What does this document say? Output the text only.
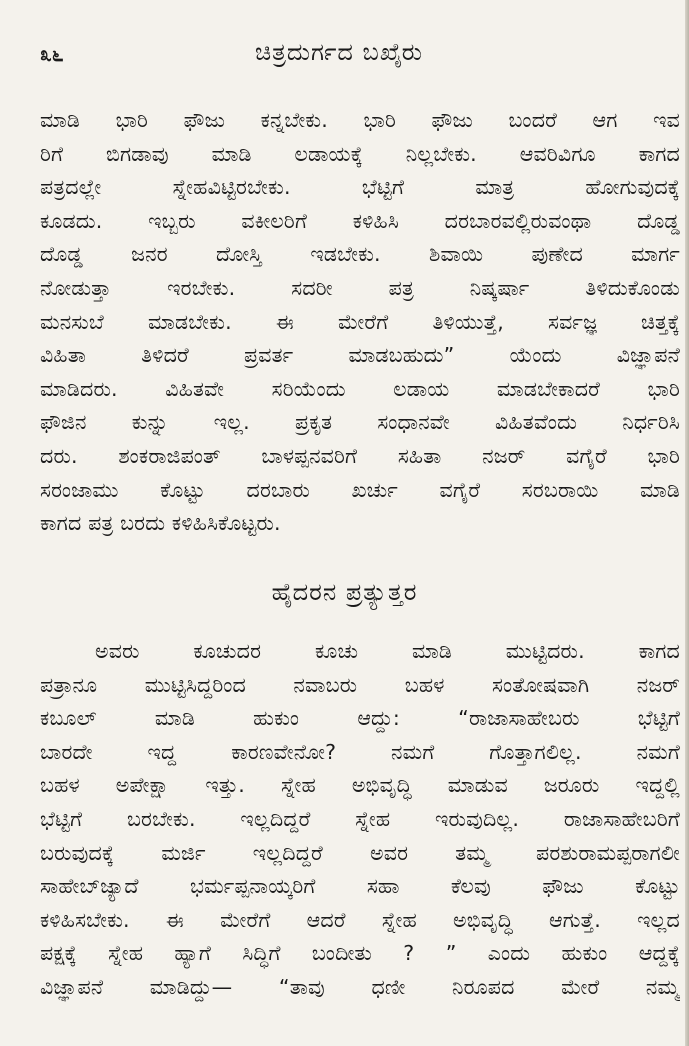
೩೬	ಚಿತ್ರದುರ್ಗದ ಬಖೈರು
ಮಾಡಿ ಭಾರಿ ಫೌಜು ಕನ್ನಬೇಕು. ಭಾರಿ ಫೌಜು ಬಂದರೆ ಆಗ ಇವ
ರಿಗೆ ಬಿಗಡಾವು ಮಾಡಿ ಲಡಾಯಕ್ಕೆ ನಿಲ್ಲಬೇಕು. ಆವರಿವಿಗೂ ಕಾಗದ
ಪತ್ರದಲ್ಲೇ ಸ್ನೇಹವಿಟ್ಟಿರಬೇಕು. ಭೆಟ್ಟಿಗೆ ಮಾತ್ರ ಹೋಗುವುದಕ್ಕೆ
ಕೂಡದು. ಇಬ್ಬರು ವಕೀಲರಿಗೆ ಕಳಿಹಿಸಿ ದರಬಾರವಲ್ಲಿರುವಂಥಾ ದೊಡ್ಡ
ದೊಡ್ಡ ಜನರ ದೋಸ್ತಿ ಇಡಬೇಕು. ಶಿವಾಯಿ ಪುಣೇದ ಮಾರ್ಗ
ನೋಡುತ್ತಾ ಇರಬೇಕು. ಸದರೀ ಪತ್ರ ನಿಷ್ಕರ್ಷಾ ತಿಳಿದುಕೊಂಡು
ಮನಸುಬೆ ಮಾಡಬೇಕು. ಈ ಮೇರೆಗೆ ತಿಳಿಯುತ್ತೆ, ಸರ್ವಜ್ಞ ಚಿತ್ತಕ್ಕೆ
ವಿಹಿತಾ ತಿಳಿದರೆ ಪ್ರವರ್ತ ಮಾಡಬಹುದು” ಯೆಂದು ವಿಜ್ಞಾಪನೆ
ಮಾಡಿದರು. ವಿಹಿತವೇ ಸರಿಯೆಂದು ಲಡಾಯ ಮಾಡಬೇಕಾದರೆ ಭಾರಿ
ಫೌಜಿನ ಕುನ್ನು ಇಲ್ಲ. ಪ್ರಕೃತ ಸಂಧಾನವೇ ವಿಹಿತವೆಂದು ನಿರ್ಧರಿಸಿ
ದರು. ಶಂಕರಾಜಿಪಂತ್ ಬಾಳಪ್ಪನವರಿಗೆ ಸಹಿತಾ ನಜರ್ ವಗೈರೆ ಭಾರಿ
ಸರಂಜಾಮು ಕೊಟ್ಟು ದರಬಾರು ಖರ್ಚು ವಗೈರೆ ಸರಬರಾಯಿ ಮಾಡಿ
ಕಾಗದ ಪತ್ರ ಬರದು ಕಳಿಹಿಸಿಕೊಟ್ಟರು.
ಹೈದರನ ಪ್ರತ್ಯುತ್ತರ
ಅವರು ಕೂಚುದರ ಕೂಚು ಮಾಡಿ ಮುಟ್ಟಿದರು. ಕಾಗದ
ಪತ್ರಾನೂ ಮುಟ್ಟಿಸಿದ್ದರಿಂದ ನವಾಬರು ಬಹಳ ಸಂತೋಷವಾಗಿ ನಜರ್
ಕಬೂಲ್ ಮಾಡಿ ಹುಕುಂ ಆದ್ದು: “ರಾಜಾಸಾಹೇಬರು ಭೆಟ್ಟಿಗೆ
ಬಾರದೇ ಇದ್ದ ಕಾರಣವೇನೋ? ನಮಗೆ ಗೊತ್ತಾಗಲಿಲ್ಲ. ನಮಗೆ
ಬಹಳ ಅಪೇಕ್ಷಾ ಇತ್ತು. ಸ್ನೇಹ ಅಭಿವೃದ್ಧಿ ಮಾಡುವ ಜರೂರು ಇದ್ದಲ್ಲಿ
ಭೆಟ್ಟಿಗೆ ಬರಬೇಕು. ಇಲ್ಲದಿದ್ದರೆ ಸ್ನೇಹ ಇರುವುದಿಲ್ಲ. ರಾಜಾಸಾಹೇಬರಿಗೆ
ಬರುವುದಕ್ಕೆ ಮರ್ಜಿ ಇಲ್ಲದಿದ್ದರೆ ಅವರ ತಮ್ಮ ಪರಶುರಾಮಪ್ಪರಾಗಲೀ
ಸಾಹೇಬ್‌ಜ್ಯಾದೆ ಭರ್ಮಪ್ಪನಾಯ್ಕರಿಗೆ ಸಹಾ ಕೆಲವು ಫೌಜು ಕೊಟ್ಟು
ಕಳಿಹಿಸಬೇಕು. ಈ ಮೇರೆಗೆ ಆದರೆ ಸ್ನೇಹ ಅಭಿವೃದ್ಧಿ ಆಗುತ್ತೆ. ಇಲ್ಲದ
ಪಕ್ಷಕ್ಕೆ ಸ್ನೇಹ ಹ್ಯಾಗೆ ಸಿದ್ಧಿಗೆ ಬಂದೀತು ? ” ಎಂದು ಹುಕುಂ ಆದ್ದಕ್ಕೆ
ವಿಜ್ಞಾಪನೆ ಮಾಡಿದ್ದು— “ತಾವು ಧಣೀ ನಿರೂಪದ ಮೇರೆ ನಮ್ಮ
